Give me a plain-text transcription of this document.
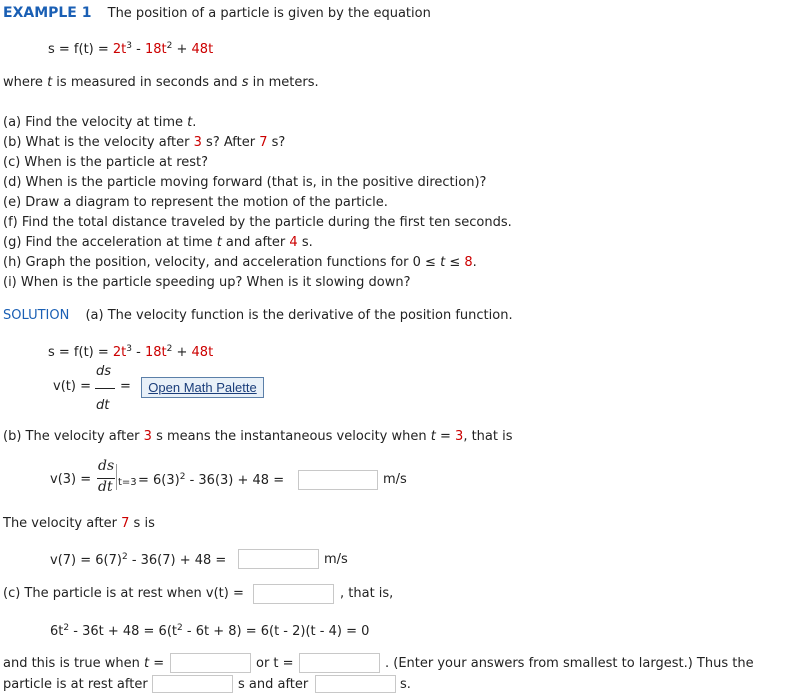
EXAMPLE 1 The position of a particle is given by the equation
$s = f(t) = 2t^3 - 18t^2 + 48t$
where t is measured in seconds and s in meters.
(a) Find the velocity at time t.
(b) What is the velocity after 3 s? After 7 s?
(c) When is the particle at rest?
(d) When is the particle moving forward (that is, in the positive direction)?
(e) Draw a diagram to represent the motion of the particle.
(f) Find the total distance traveled by the particle during the first ten seconds.
(g) Find the acceleration at time t and after 4 s.
(h) Graph the position, velocity, and acceleration functions for 0 ≤ t ≤ 8.
(i) When is the particle speeding up? When is it slowing down?
SOLUTION (a) The velocity function is the derivative of the position function.
$s = f(t) = 2t^3 - 18t^2 + 48t$
v(t) =
ds
dt
=	Open Math Palette
(b) The velocity after 3 s means the instantaneous velocity when t = 3, that is
v(3) =
ds
dt $t=3 = 6(3)^2 - 36(3) + 48$ =	m/s
The velocity after 7 s is
$v(7) = 6(7)^2 - 36(7) + 48$ =	m/s
(c) The particle is at rest when v(t) =	, that is,
$6t^2 - 36t + 48 = 6(t^2 - 6t + 8) = 6(t - 2)(t - 4) = 0$
and this is true when t =	or t =	. (Enter your answers from smallest to largest.) Thus the
particle is at rest after	s and after	s.
